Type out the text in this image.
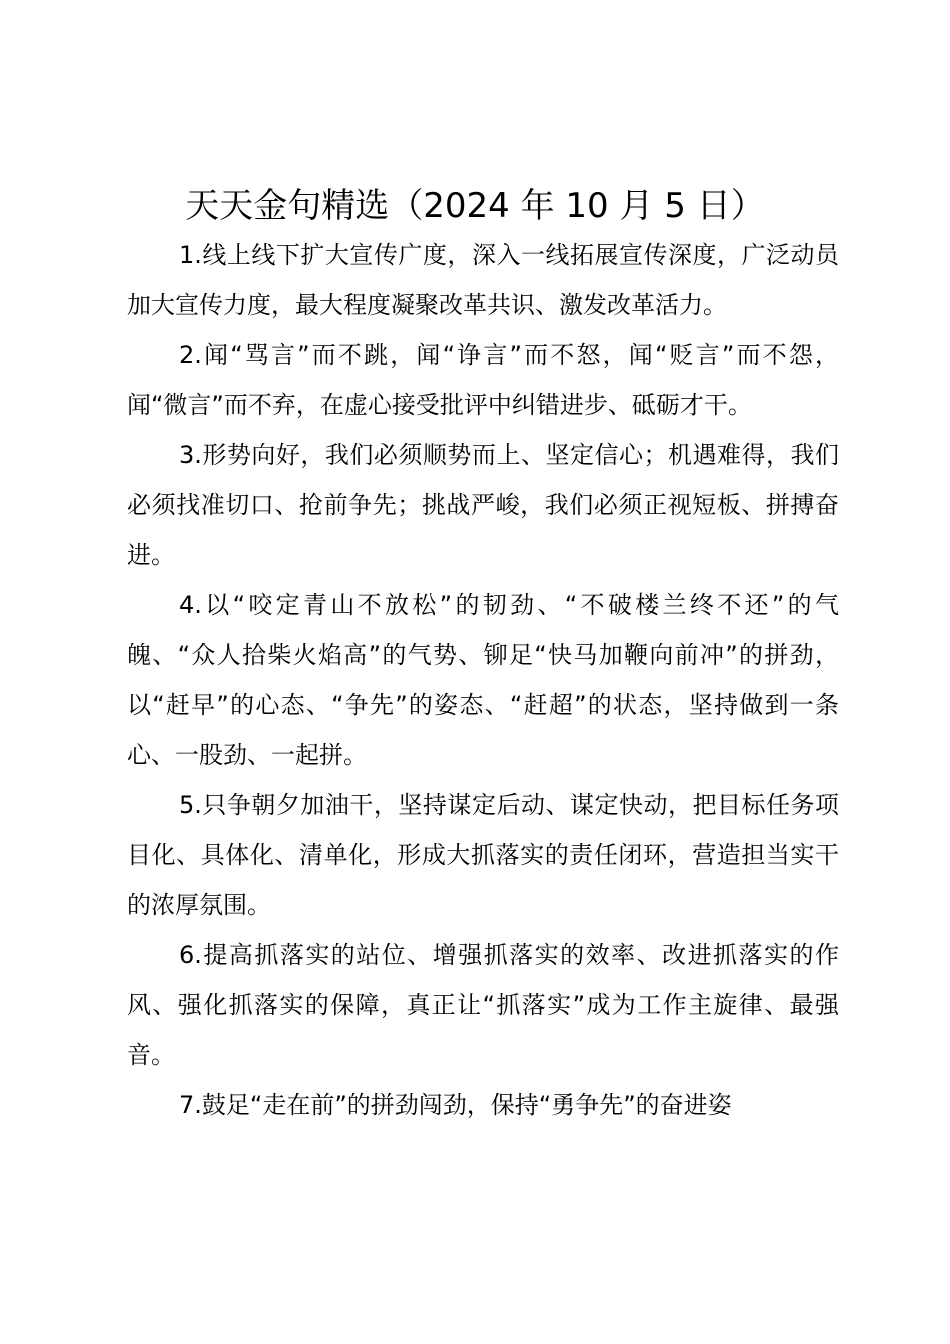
天天金句精选（2024 年 10 月 5 日）

1.线上线下扩大宣传广度，深入一线拓展宣传深度，广泛动员加大宣传力度，最大程度凝聚改革共识、激发改革活力。

2.闻“骂言”而不跳，闻“诤言”而不怒，闻“贬言”而不怨，闻“微言”而不弃，在虚心接受批评中纠错进步、砥砺才干。

3.形势向好，我们必须顺势而上、坚定信心；机遇难得，我们必须找准切口、抢前争先；挑战严峻，我们必须正视短板、拼搏奋进。

4.以“咬定青山不放松”的韧劲、“不破楼兰终不还”的气魄、“众人拾柴火焰高”的气势、铆足“快马加鞭向前冲”的拼劲，以“赶早”的心态、“争先”的姿态、“赶超”的状态，坚持做到一条心、一股劲、一起拼。

5.只争朝夕加油干，坚持谋定后动、谋定快动，把目标任务项目化、具体化、清单化，形成大抓落实的责任闭环，营造担当实干的浓厚氛围。

6.提高抓落实的站位、增强抓落实的效率、改进抓落实的作风、强化抓落实的保障，真正让“抓落实”成为工作主旋律、最强音。

7.鼓足“走在前”的拼劲闯劲，保持“勇争先”的奋进姿
